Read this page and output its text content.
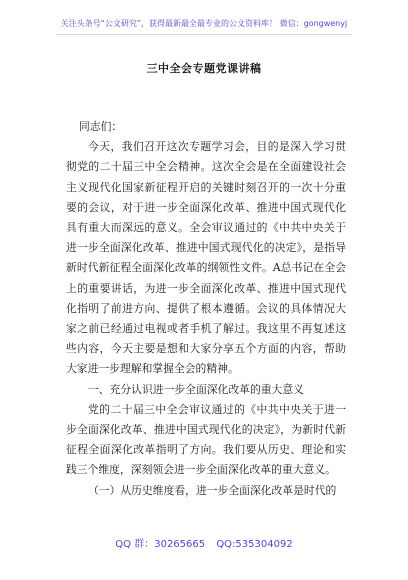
关注头条号“公文研究”，获得最新最全最专业的公文资料库！ 微信：gongwenyj
三中全会专题党课讲稿

同志们：

今天，我们召开这次专题学习会，目的是深入学习贯彻党的二十届三中全会精神。这次全会是在全面建设社会主义现代化国家新征程开启的关键时刻召开的一次十分重要的会议，对于进一步全面深化改革、推进中国式现代化具有重大而深远的意义。全会审议通过的《中共中央关于进一步全面深化改革、推进中国式现代化的决定》，是指导新时代新征程全面深化改革的纲领性文件。A总书记在全会上的重要讲话，为进一步全面深化改革、推进中国式现代化指明了前进方向、提供了根本遵循。会议的具体情况大家之前已经通过电视或者手机了解过。我这里不再复述这些内容，今天主要是想和大家分享五个方面的内容，帮助大家进一步理解和掌握全会的精神。

一、充分认识进一步全面深化改革的重大意义

党的二十届三中全会审议通过的《中共中央关于进一步全面深化改革、推进中国式现代化的决定》，为新时代新征程全面深化改革指明了方向。我们要从历史、理论和实践三个维度，深刻领会进一步全面深化改革的重大意义。

（一）从历史维度看，进一步全面深化改革是时代的

QQ 群：30265665 QQ:535304092
